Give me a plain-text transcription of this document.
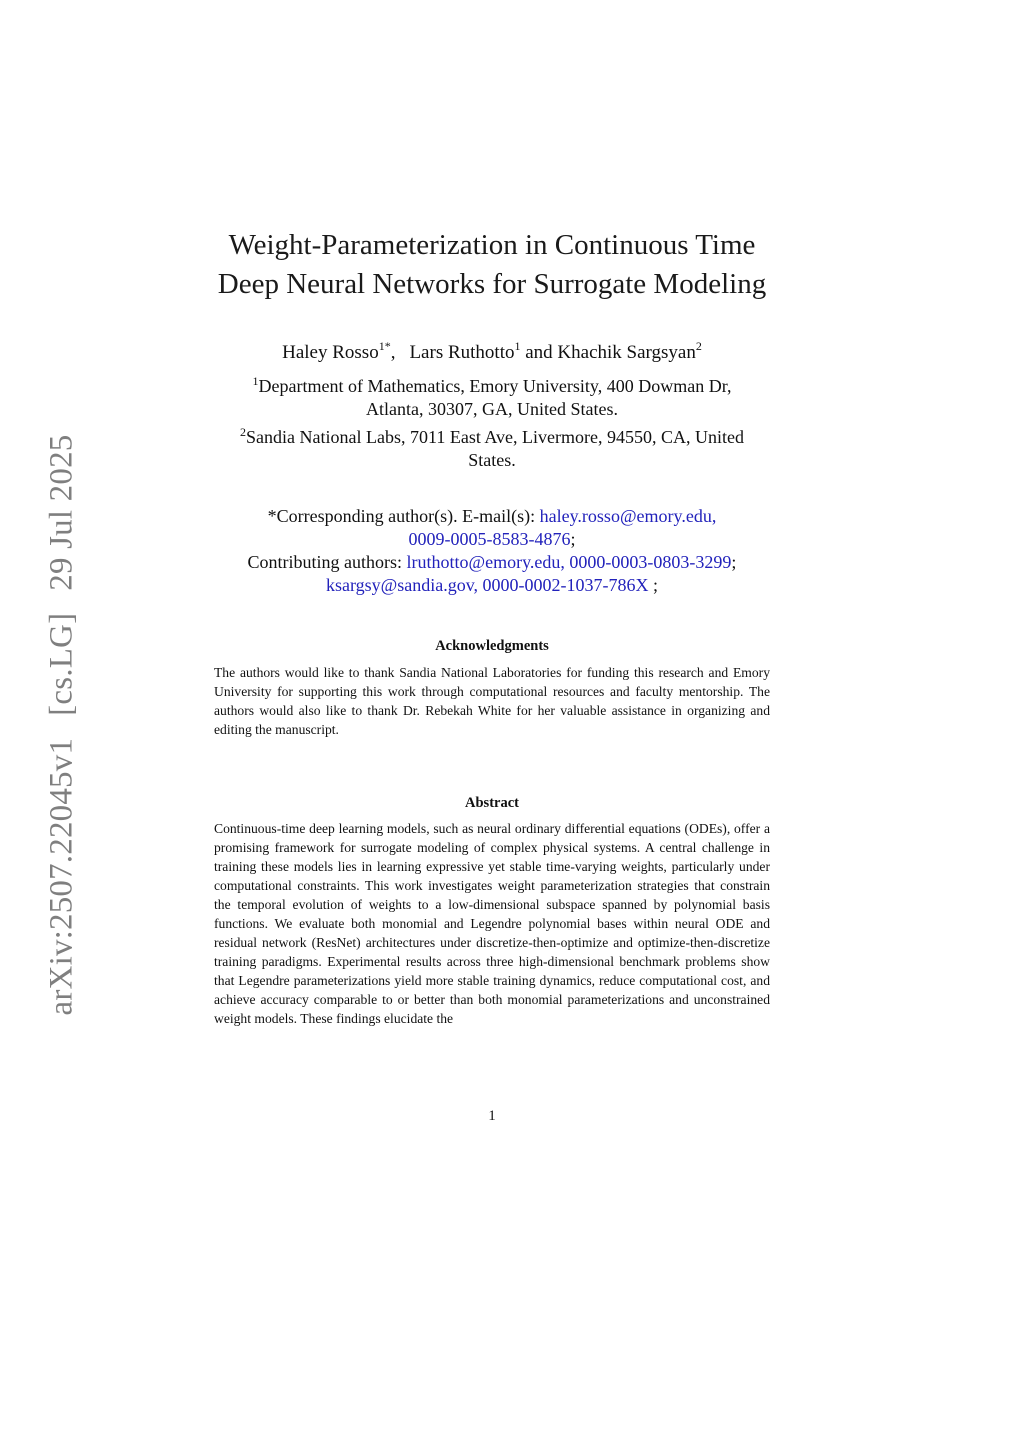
arXiv:2507.22045v1[cs.LG]29 Jul 2025
Weight-Parameterization in Continuous Time
Deep Neural Networks for Surrogate Modeling
Haley Rosso$^{1*}$, Lars Ruthotto$^1$ and Khachik Sargsyan$^2$
$^1$Department of Mathematics, Emory University, 400 Dowman Dr,
Atlanta, 30307, GA, United States.
$^2$Sandia National Labs, 7011 East Ave, Livermore, 94550, CA, United
States.
*Corresponding author(s). E-mail(s): haley.rosso@emory.edu,
0009-0005-8583-4876;
Contributing authors: lruthotto@emory.edu, 0000-0003-0803-3299;
ksargsy@sandia.gov, 0000-0002-1037-786X ;
Acknowledgments
The authors would like to thank Sandia National Laboratories for funding this research and Emory University for supporting this work through computational resources and faculty mentorship. The authors would also like to thank Dr. Rebekah White for her valuable assistance in organizing and editing the manuscript.
Abstract
Continuous-time deep learning models, such as neural ordinary differential equations (ODEs), offer a promising framework for surrogate modeling of complex physical systems. A central challenge in training these models lies in learning expressive yet stable time-varying weights, particularly under computational constraints. This work investigates weight parameterization strategies that constrain the temporal evolution of weights to a low-dimensional subspace spanned by polynomial basis functions. We evaluate both monomial and Legendre polynomial bases within neural ODE and residual network (ResNet) architectures under discretize-then-optimize and optimize-then-discretize training paradigms. Experimental results across three high-dimensional benchmark problems show that Legendre parameterizations yield more stable training dynamics, reduce computational cost, and achieve accuracy comparable to or better than both monomial parameterizations and unconstrained weight models. These findings elucidate the
1
